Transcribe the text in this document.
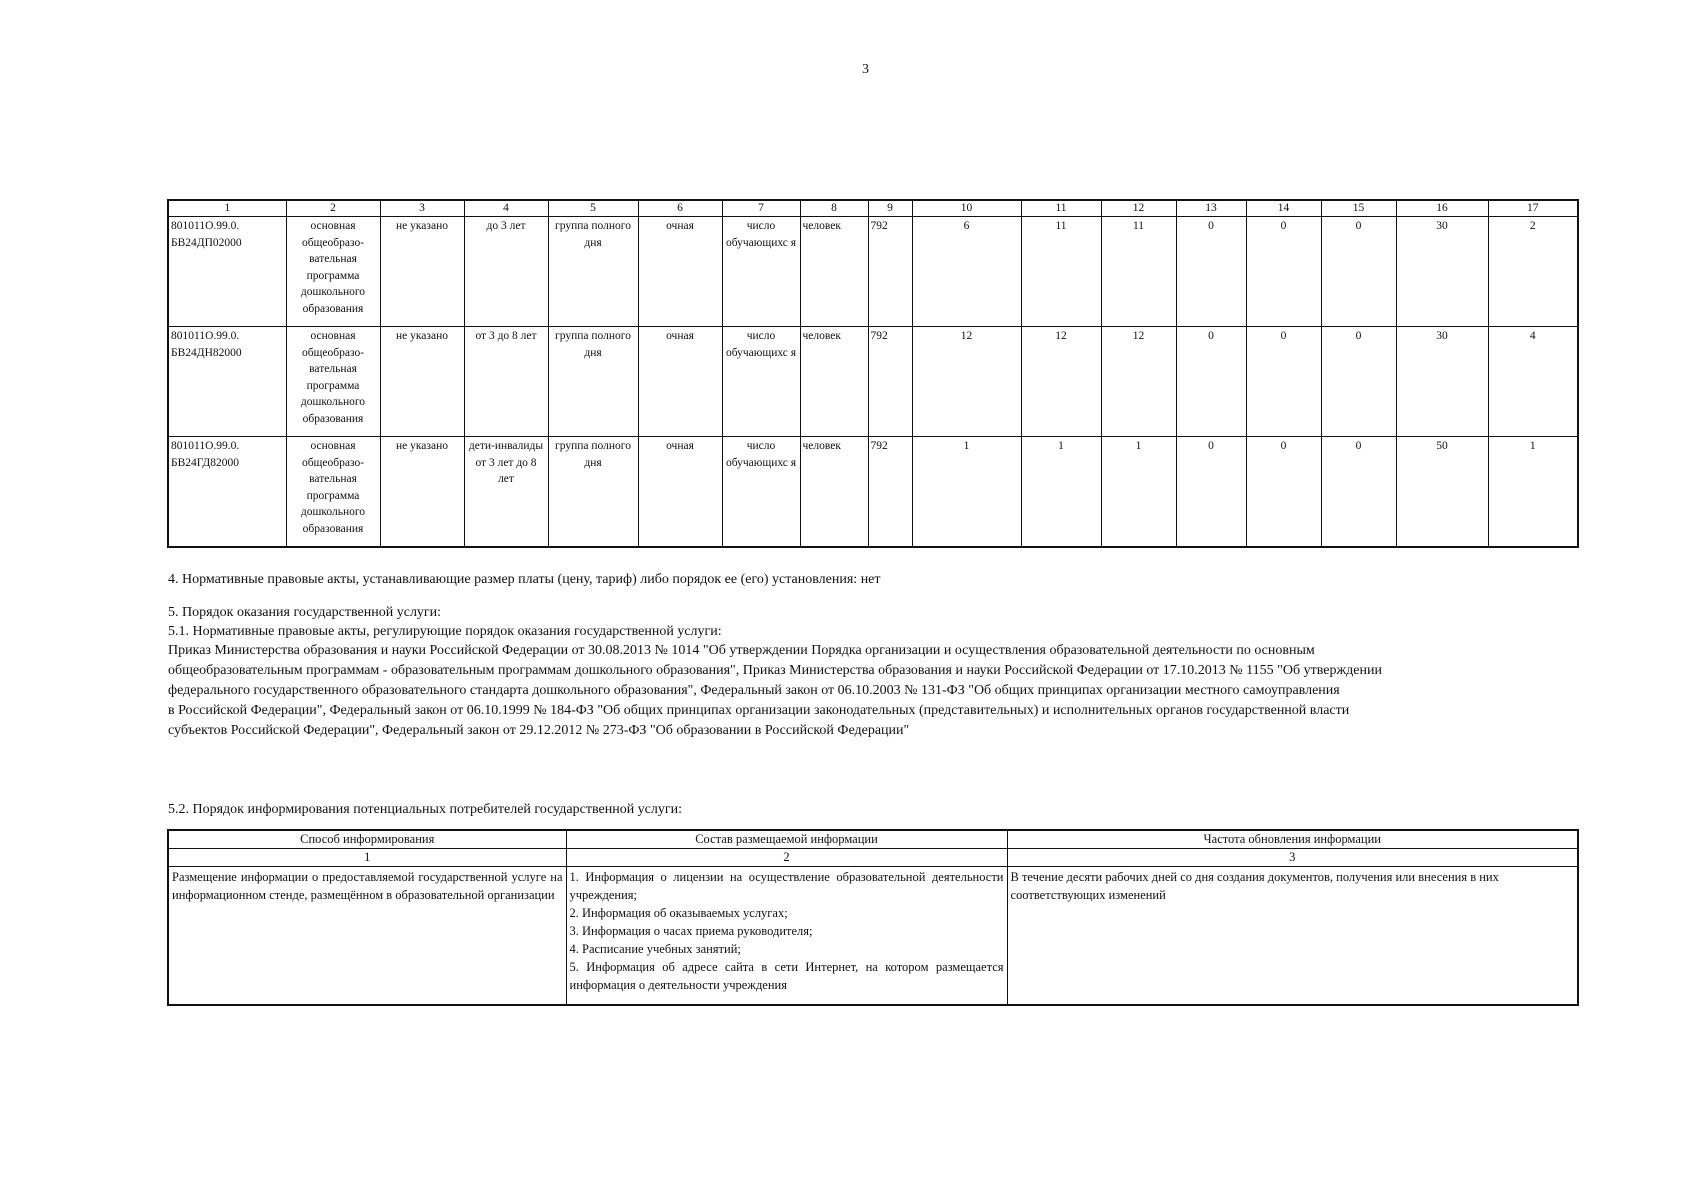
3
1	2	3	4	5	6	7	8	9	10	11	12	13	14	15	16	17
801011О.99.0.
БВ24ДП02000	основная общеобразо-вательная программа дошкольного образования	не указано	до 3 лет	группа полного дня	очная	число обучающихс я	человек	792	6	11	11	0	0	0	30	2
801011О.99.0.
БВ24ДН82000	основная общеобразо-вательная программа дошкольного образования	не указано	от 3 до 8 лет	группа полного дня	очная	число обучающихс я	человек	792	12	12	12	0	0	0	30	4
801011О.99.0.
БВ24ГД82000	основная общеобразо-вательная программа дошкольного образования	не указано	дети-инвалиды от 3 лет до 8 лет	группа полного дня	очная	число обучающихс я	человек	792	1	1	1	0	0	0	50	1
4. Нормативные правовые акты, устанавливающие размер платы (цену, тариф) либо порядок ее (его) установления: нет
5. Порядок оказания государственной услуги:
5.1. Нормативные правовые акты, регулирующие порядок оказания государственной услуги:

Приказ Министерства образования и науки Российской Федерации от 30.08.2013 № 1014 "Об утверждении Порядка организации и осуществления образовательной деятельности по основным

общеобразовательным программам - образовательным программам дошкольного образования", Приказ Министерства образования и науки Российской Федерации от 17.10.2013 № 1155 "Об утверждении

федерального государственного образовательного стандарта дошкольного образования", Федеральный закон от 06.10.2003 № 131-ФЗ "Об общих принципах организации местного самоуправления

в Российской Федерации", Федеральный закон от 06.10.1999 № 184-ФЗ "Об общих принципах организации законодательных (представительных) и исполнительных органов государственной власти

субъектов Российской Федерации", Федеральный закон от 29.12.2012 № 273-ФЗ "Об образовании в Российской Федерации"

5.2. Порядок информирования потенциальных потребителей государственной услуги:
Способ информирования	Состав размещаемой информации	Частота обновления информации
1	2	3
Размещение информации о предоставляемой государственной услуге на информационном стенде, размещённом в образовательной организации	1. Информация о лицензии на осуществление образовательной деятельности учреждения;
2. Информация об оказываемых услугах;
3. Информация о часах приема руководителя;
4. Расписание учебных занятий;
5. Информация об адресе сайта в сети Интернет, на котором размещается информация о деятельности учреждения	В течение десяти рабочих дней со дня создания документов, получения или внесения в них соответствующих изменений
